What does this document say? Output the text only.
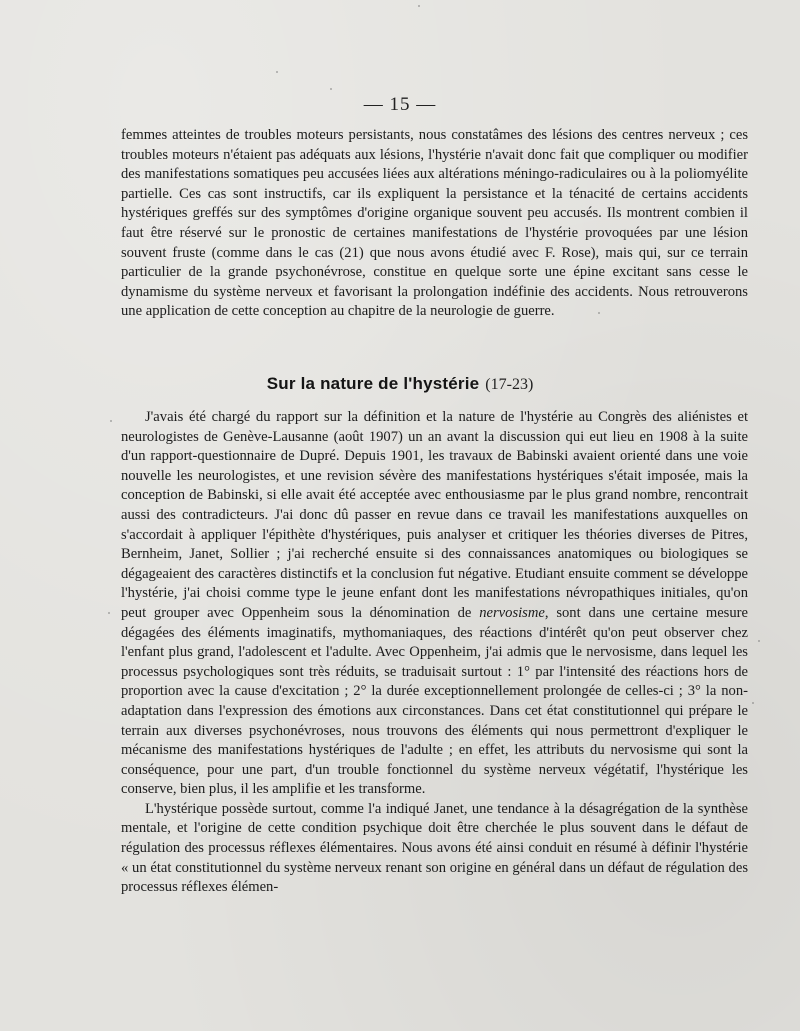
— 15 —

femmes atteintes de troubles moteurs persistants, nous constatâmes des lésions des centres nerveux ; ces troubles moteurs n'étaient pas adéquats aux lésions, l'hystérie n'avait donc fait que compliquer ou modifier des manifestations somatiques peu accusées liées aux altérations méningo-radiculaires ou à la poliomyélite partielle. Ces cas sont instructifs, car ils expliquent la persistance et la ténacité de certains accidents hystériques greffés sur des symptômes d'origine organique souvent peu accusés. Ils montrent combien il faut être réservé sur le pronostic de certaines manifestations de l'hystérie provoquées par une lésion souvent fruste (comme dans le cas (21) que nous avons étudié avec F. Rose), mais qui, sur ce terrain particulier de la grande psychonévrose, constitue en quelque sorte une épine excitant sans cesse le dynamisme du système nerveux et favorisant la prolongation indéfinie des accidents. Nous retrouverons une application de cette conception au chapitre de la neurologie de guerre.

Sur la nature de l'hystérie (17-23)

J'avais été chargé du rapport sur la définition et la nature de l'hystérie au Congrès des aliénistes et neurologistes de Genève-Lausanne (août 1907) un an avant la discussion qui eut lieu en 1908 à la suite d'un rapport-questionnaire de Dupré. Depuis 1901, les travaux de Babinski avaient orienté dans une voie nouvelle les neurologistes, et une revision sévère des manifestations hystériques s'était imposée, mais la conception de Babinski, si elle avait été acceptée avec enthousiasme par le plus grand nombre, rencontrait aussi des contradicteurs. J'ai donc dû passer en revue dans ce travail les manifestations auxquelles on s'accordait à appliquer l'épithète d'hystériques, puis analyser et critiquer les théories diverses de Pitres, Bernheim, Janet, Sollier ; j'ai recherché ensuite si des connaissances anatomiques ou biologiques se dégageaient des caractères distinctifs et la conclusion fut négative. Etudiant ensuite comment se développe l'hystérie, j'ai choisi comme type le jeune enfant dont les manifestations névropathiques initiales, qu'on peut grouper avec Oppenheim sous la dénomination de nervosisme, sont dans une certaine mesure dégagées des éléments imaginatifs, mythomaniaques, des réactions d'intérêt qu'on peut observer chez l'enfant plus grand, l'adolescent et l'adulte. Avec Oppenheim, j'ai admis que le nervosisme, dans lequel les processus psychologiques sont très réduits, se traduisait surtout : 1° par l'intensité des réactions hors de proportion avec la cause d'excitation ; 2° la durée exceptionnellement prolongée de celles-ci ; 3° la non-adaptation dans l'expression des émotions aux circonstances. Dans cet état constitutionnel qui prépare le terrain aux diverses psychonévroses, nous trouvons des éléments qui nous permettront d'expliquer le mécanisme des manifestations hystériques de l'adulte ; en effet, les attributs du nervosisme qui sont la conséquence, pour une part, d'un trouble fonctionnel du système nerveux végétatif, l'hystérique les conserve, bien plus, il les amplifie et les transforme.

L'hystérique possède surtout, comme l'a indiqué Janet, une tendance à la désagrégation de la synthèse mentale, et l'origine de cette condition psychique doit être cherchée le plus souvent dans le défaut de régulation des processus réflexes élémentaires. Nous avons été ainsi conduit en résumé à définir l'hystérie « un état constitutionnel du système nerveux renant son origine en général dans un défaut de régulation des processus réflexes élémen-
